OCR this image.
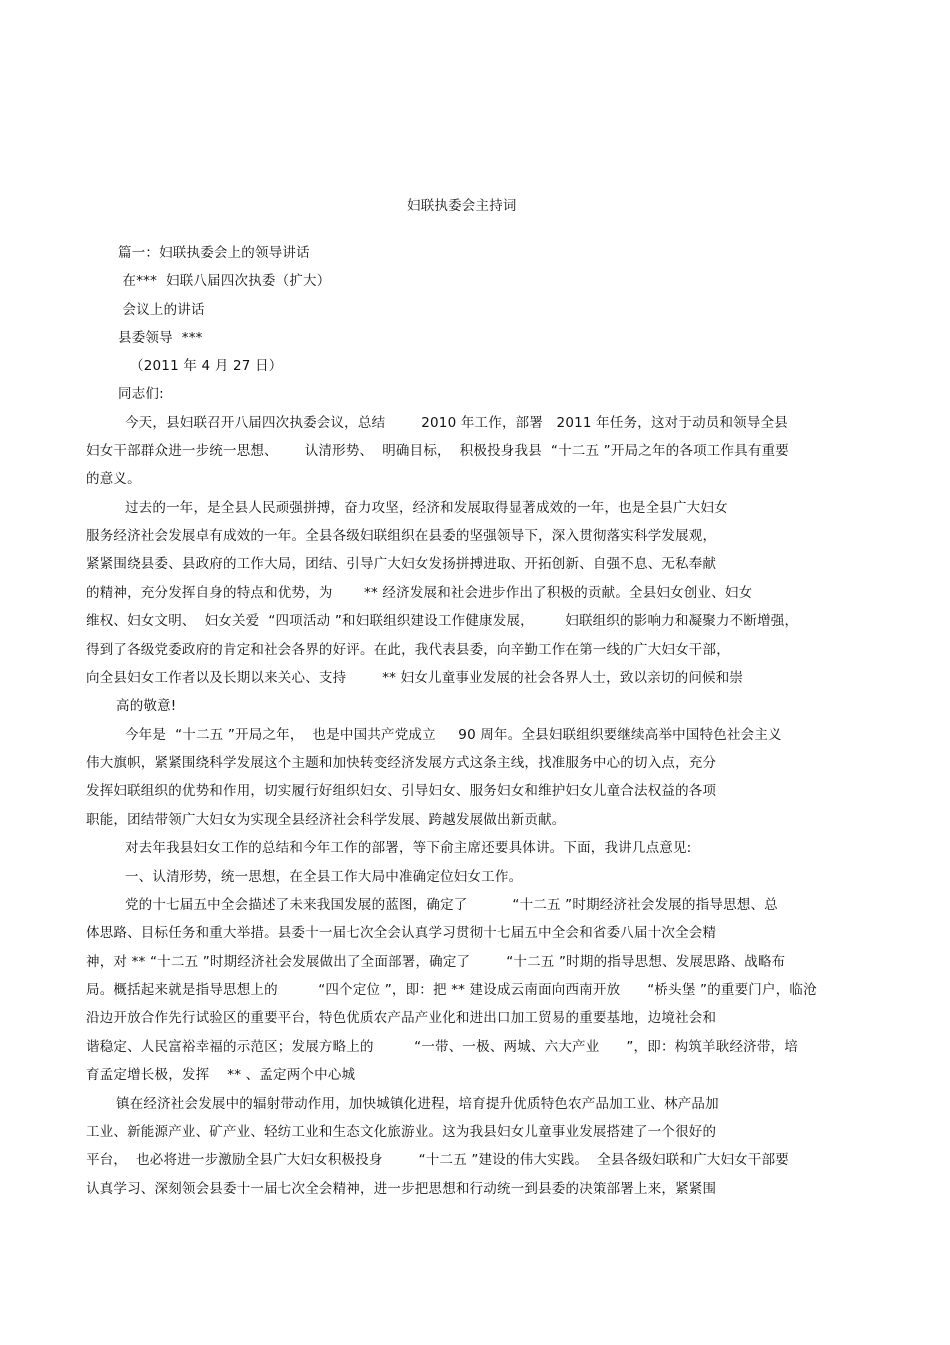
妇联执委会主持词
篇一：妇联执委会上的领导讲话
在***  妇联八届四次执委（扩大）
会议上的讲话
县委领导  ***
（2011 年 4 月 27 日）
同志们:
今天，县妇联召开八届四次执委会议，总结        2010 年工作，部署   2011 年任务，这对于动员和领导全县
妇女干部群众进一步统一思想、      认清形势、  明确目标，  积极投身我县  “十二五 ”开局之年的各项工作具有重要
的意义。
过去的一年，是全县人民顽强拼搏，奋力攻坚，经济和发展取得显著成效的一年，也是全县广大妇女
服务经济社会发展卓有成效的一年。全县各级妇联组织在县委的坚强领导下，深入贯彻落实科学发展观，
紧紧围绕县委、县政府的工作大局，团结、引导广大妇女发扬拼搏进取、开拓创新、自强不息、无私奉献
的精神，充分发挥自身的特点和优势，为       ** 经济发展和社会进步作出了积极的贡献。全县妇女创业、妇女
维权、妇女文明、  妇女关爱  “四项活动 ”和妇联组织建设工作健康发展，       妇联组织的影响力和凝聚力不断增强，
得到了各级党委政府的肯定和社会各界的好评。在此，我代表县委，向辛勤工作在第一线的广大妇女干部，
向全县妇女工作者以及长期以来关心、支持        ** 妇女儿童事业发展的社会各界人士，致以亲切的问候和崇
高的敬意!
今年是  “十二五 ”开局之年，  也是中国共产党成立     90 周年。全县妇联组织要继续高举中国特色社会主义
伟大旗帜，紧紧围绕科学发展这个主题和加快转变经济发展方式这条主线，找准服务中心的切入点，充分
发挥妇联组织的优势和作用，切实履行好组织妇女、引导妇女、服务妇女和维护妇女儿童合法权益的各项
职能，团结带领广大妇女为实现全县经济社会科学发展、跨越发展做出新贡献。
对去年我县妇女工作的总结和今年工作的部署，等下俞主席还要具体讲。下面，我讲几点意见:
一、认清形势，统一思想，在全县工作大局中准确定位妇女工作。
党的十七届五中全会描述了未来我国发展的蓝图，确定了          “十二五 ”时期经济社会发展的指导思想、总
体思路、目标任务和重大举措。县委十一届七次全会认真学习贯彻十七届五中全会和省委八届十次全会精
神，对 ** “十二五 ”时期经济社会发展做出了全面部署，确定了        “十二五 ”时期的指导思想、发展思路、战略布
局。概括起来就是指导思想上的         “四个定位 ”，即：把 ** 建设成云南面向西南开放      “桥头堡 ”的重要门户，临沧
沿边开放合作先行试验区的重要平台，特色优质农产品产业化和进出口加工贸易的重要基地，边境社会和
谐稳定、人民富裕幸福的示范区；发展方略上的         “一带、一极、两城、六大产业      ”，即：构筑羊耿经济带，培
育孟定增长极，发挥    ** 、孟定两个中心城
镇在经济社会发展中的辐射带动作用，加快城镇化进程，培育提升优质特色农产品加工业、林产品加
工业、新能源产业、矿产业、轻纺工业和生态文化旅游业。这为我县妇女儿童事业发展搭建了一个很好的
平台，  也必将进一步激励全县广大妇女积极投身        “十二五 ”建设的伟大实践。  全县各级妇联和广大妇女干部要
认真学习、深刻领会县委十一届七次全会精神，进一步把思想和行动统一到县委的决策部署上来，紧紧围
